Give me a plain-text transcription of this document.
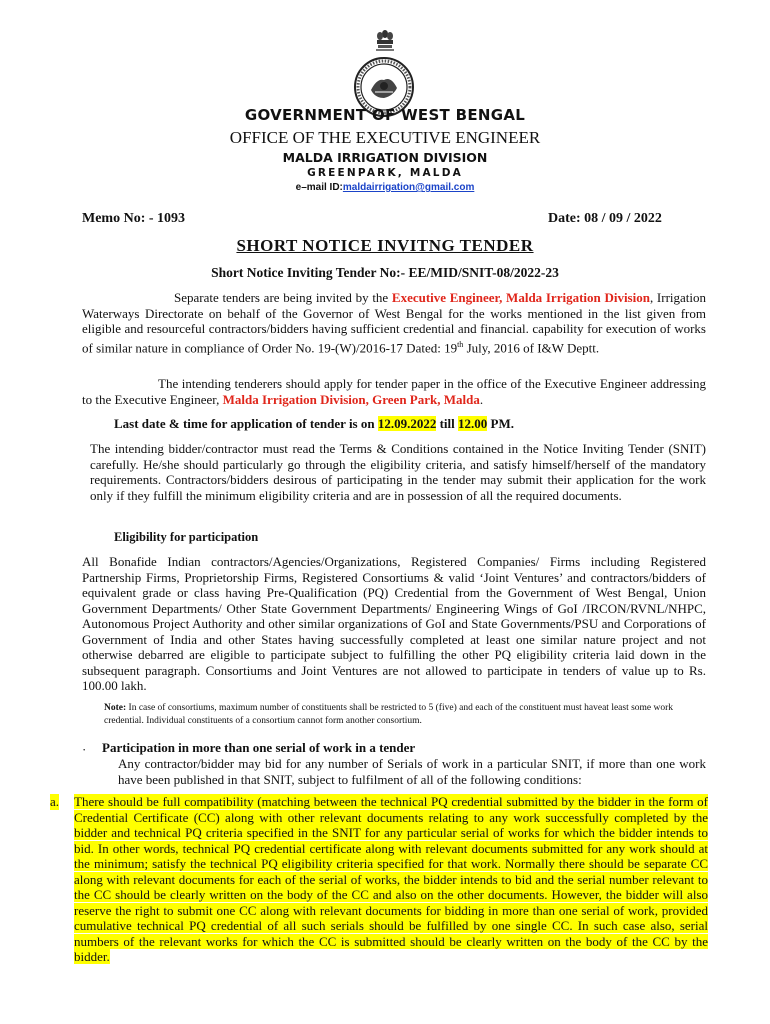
GOVERNMENT OF WEST BENGAL
OFFICE OF THE EXECUTIVE ENGINEER
MALDA IRRIGATION DIVISION
GREENPARK, MALDA
e–mail ID:maldairrigation@gmail.com
Memo No: - 1093	Date: 08 / 09 / 2022
SHORT NOTICE INVITNG TENDER
Short Notice Inviting Tender No:- EE/MID/SNIT-08/2022-23
Separate tenders are being invited by the Executive Engineer, Malda Irrigation Division, Irrigation Waterways Directorate on behalf of the Governor of West Bengal for the works mentioned in the list given from eligible and resourceful contractors/bidders having sufficient credential and financial. capability for execution of works of similar nature in compliance of Order No. 19-(W)/2016-17 Dated: 19th July, 2016 of I&W Deptt.
The intending tenderers should apply for tender paper in the office of the Executive Engineer addressing to the Executive Engineer, Malda Irrigation Division, Green Park, Malda.
Last date & time for application of tender is on 12.09.2022 till 12.00 PM.
The intending bidder/contractor must read the Terms & Conditions contained in the Notice Inviting Tender (SNIT) carefully. He/she should particularly go through the eligibility criteria, and satisfy himself/herself of the mandatory requirements. Contractors/bidders desirous of participating in the tender may submit their application for the work only if they fulfill the minimum eligibility criteria and are in possession of all the required documents.
Eligibility for participation
All Bonafide Indian contractors/Agencies/Organizations, Registered Companies/ Firms including Registered Partnership Firms, Proprietorship Firms, Registered Consortiums & valid ‘Joint Ventures’ and contractors/bidders of equivalent grade or class having Pre-Qualification (PQ) Credential from the Government of West Bengal, Union Government Departments/ Other State Government Departments/ Engineering Wings of GoI /IRCON/RVNL/NHPC, Autonomous Project Authority and other similar organizations of GoI and State Governments/PSU and Corporations of Government of India and other States having successfully completed at least one similar nature project and not otherwise debarred are eligible to participate subject to fulfilling the other PQ eligibility criteria laid down in the subsequent paragraph. Consortiums and Joint Ventures are not allowed to participate in tenders of value up to Rs. 100.00 lakh.
Note: In case of consortiums, maximum number of constituents shall be restricted to 5 (five) and each of the constituent must haveat least some work credential. Individual constituents of a consortium cannot form another consortium.
· Participation in more than one serial of work in a tender
Any contractor/bidder may bid for any number of Serials of work in a particular SNIT, if more than one work have been published in that SNIT, subject to fulfilment of all of the following conditions:
a. There should be full compatibility (matching between the technical PQ credential submitted by the bidder in the form of Credential Certificate (CC) along with other relevant documents relating to any work successfully completed by the bidder and technical PQ criteria specified in the SNIT for any particular serial of works for which the bidder intends to bid. In other words, technical PQ credential certificate along with relevant documents submitted for any work should at the minimum; satisfy the technical PQ eligibility criteria specified for that work. Normally there should be separate CC along with relevant documents for each of the serial of works, the bidder intends to bid and the serial number relevant to the CC should be clearly written on the body of the CC and also on the other documents. However, the bidder will also reserve the right to submit one CC along with relevant documents for bidding in more than one serial of work, provided cumulative technical PQ credential of all such serials should be fulfilled by one single CC. In such case also, serial numbers of the relevant works for which the CC is submitted should be clearly written on the body of the CC by the bidder.
